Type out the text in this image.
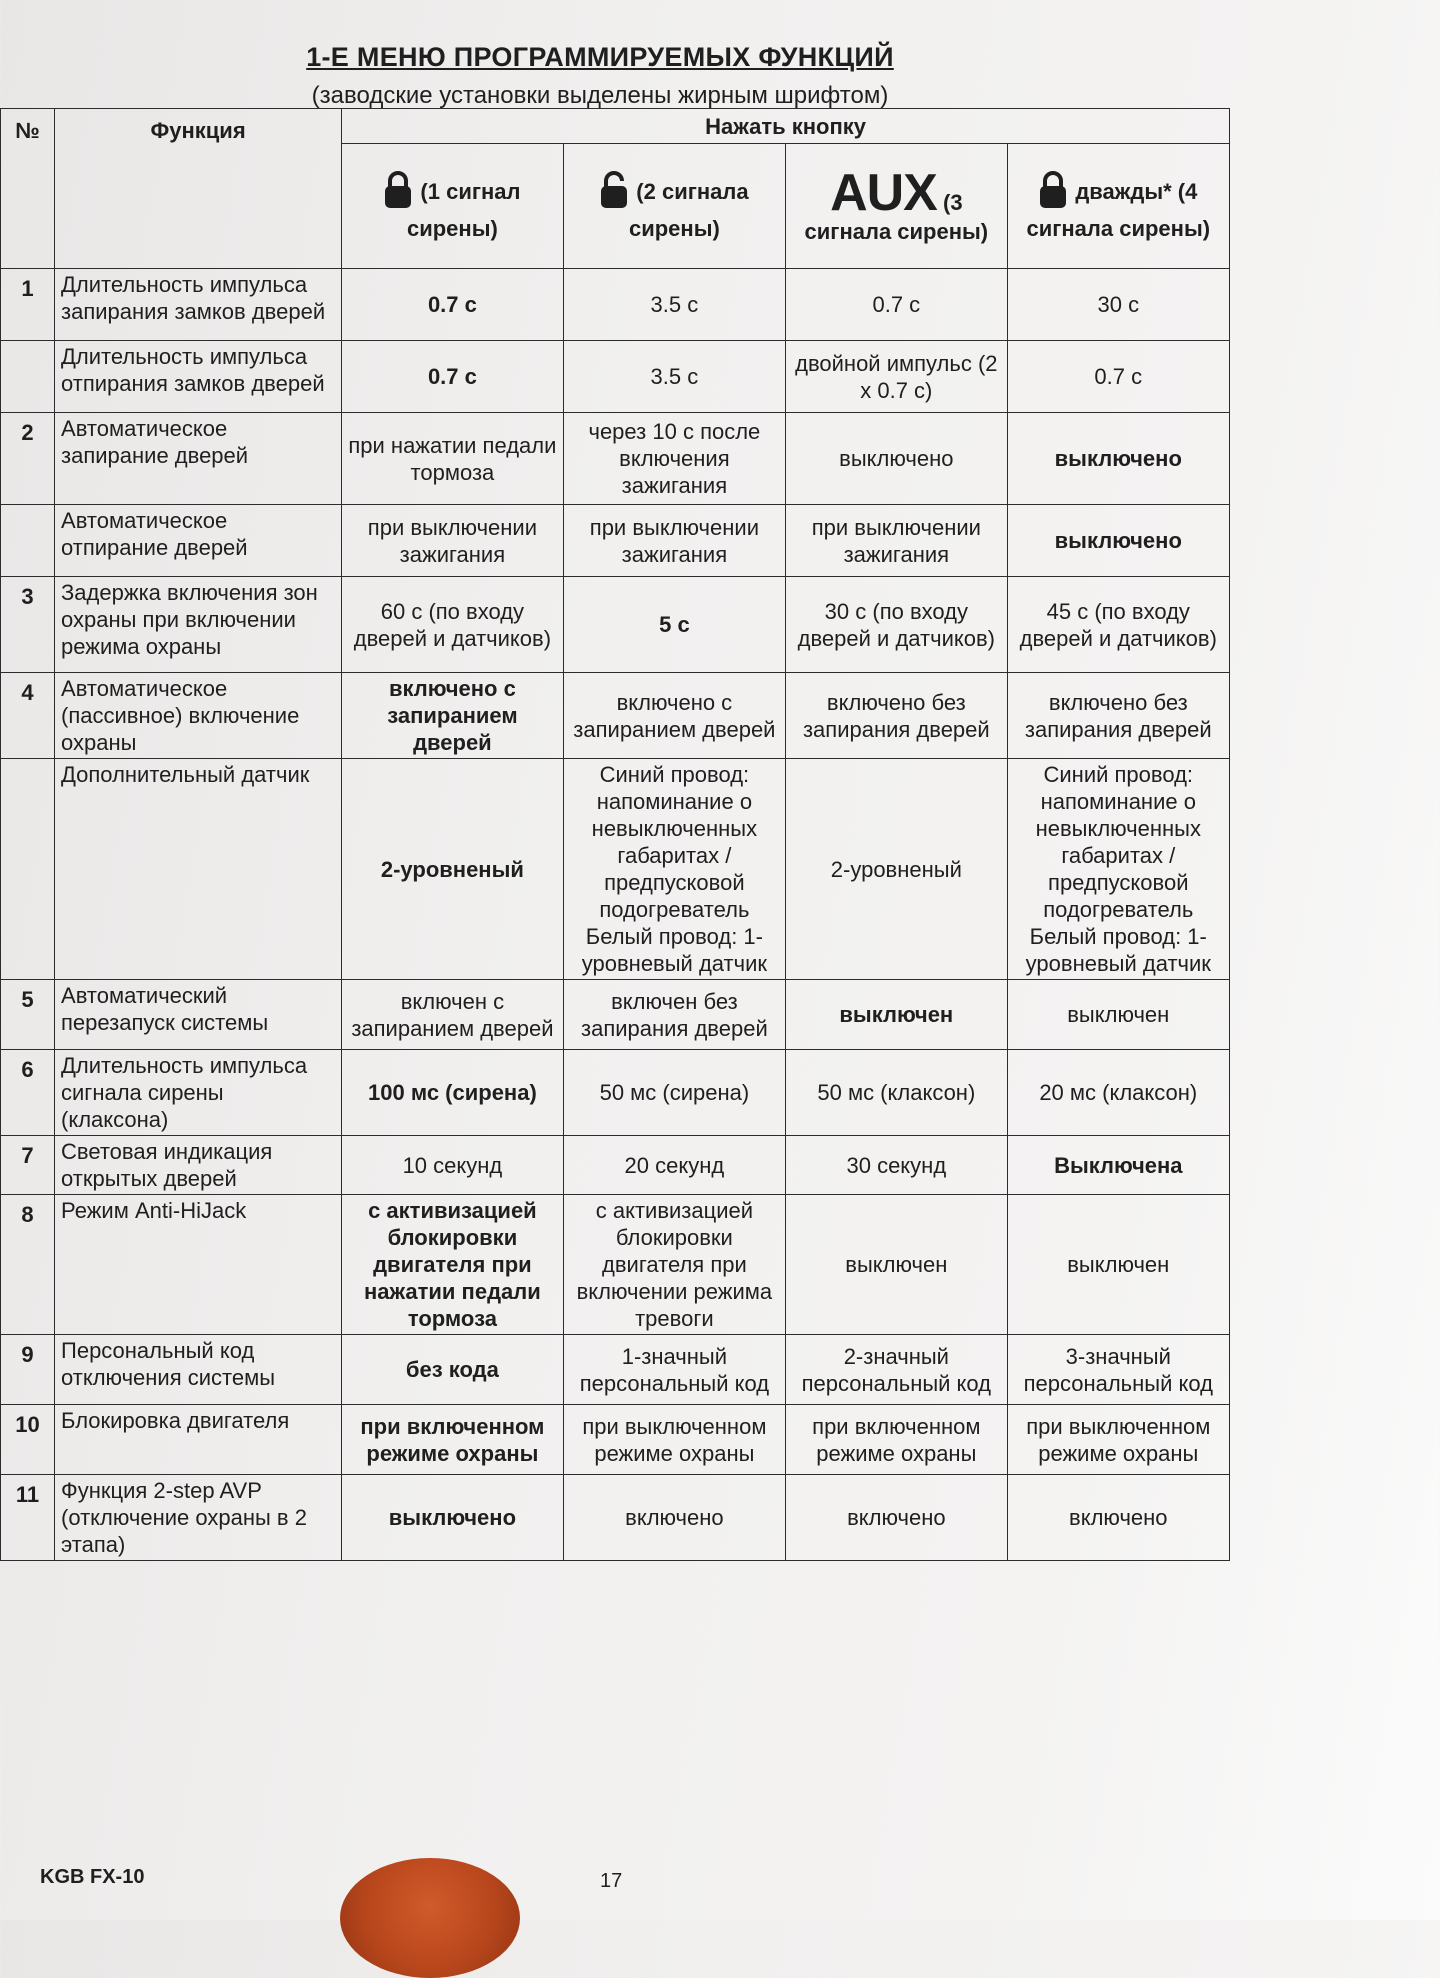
1-Е МЕНЮ ПРОГРАММИРУЕМЫХ ФУНКЦИЙ
(заводские установки выделены жирным шрифтом)
№	Функция	Нажать кнопку			
		(1 сигнал сирены)	(2 сигнала сирены)	AUX (3 сигнала сирены)	дважды* (4 сигнала сирены)
1	Длительность импульса запирания замков дверей	0.7 с	3.5 с	0.7 с	30 с
	Длительность импульса отпирания замков дверей	0.7 с	3.5 с	двойной импульс (2 x 0.7 с)	0.7 с
2	Автоматическое запирание дверей	при нажатии педали тормоза	через 10 с после включения зажигания	выключено	выключено
	Автоматическое отпирание дверей	при выключении зажигания	при выключении зажигания	при выключении зажигания	выключено
3	Задержка включения зон охраны при включении режима охраны	60 с (по входу дверей и датчиков)	5 с	30 с (по входу дверей и датчиков)	45 с (по входу дверей и датчиков)
4	Автоматическое (пассивное) включение охраны	включено с запиранием дверей	включено с запиранием дверей	включено без запирания дверей	включено без запирания дверей
	Дополнительный датчик	2-уровненый	Синий провод: напоминание о невыключенных габаритах / предпусковой подогреватель Белый провод: 1-уровневый датчик	2-уровненый	Синий провод: напоминание о невыключенных габаритах / предпусковой подогреватель Белый провод: 1-уровневый датчик
5	Автоматический перезапуск системы	включен с запиранием дверей	включен без запирания дверей	выключен	выключен
6	Длительность импульса сигнала сирены (клаксона)	100 мс (сирена)	50 мс (сирена)	50 мс (клаксон)	20 мс (клаксон)
7	Световая индикация открытых дверей	10 секунд	20 секунд	30 секунд	Выключена
8	Режим Anti-HiJack	с активизацией блокировки двигателя при нажатии педали тормоза	с активизацией блокировки двигателя при включении режима тревоги	выключен	выключен
9	Персональный код отключения системы	без кода	1-значный персональный код	2-значный персональный код	3-значный персональный код
10	Блокировка двигателя	при включенном режиме охраны	при выключенном режиме охраны	при включенном режиме охраны	при выключенном режиме охраны
11	Функция 2-step AVP (отключение охраны в 2 этапа)	выключено	включено	включено	включено
KGB FX-10	17
